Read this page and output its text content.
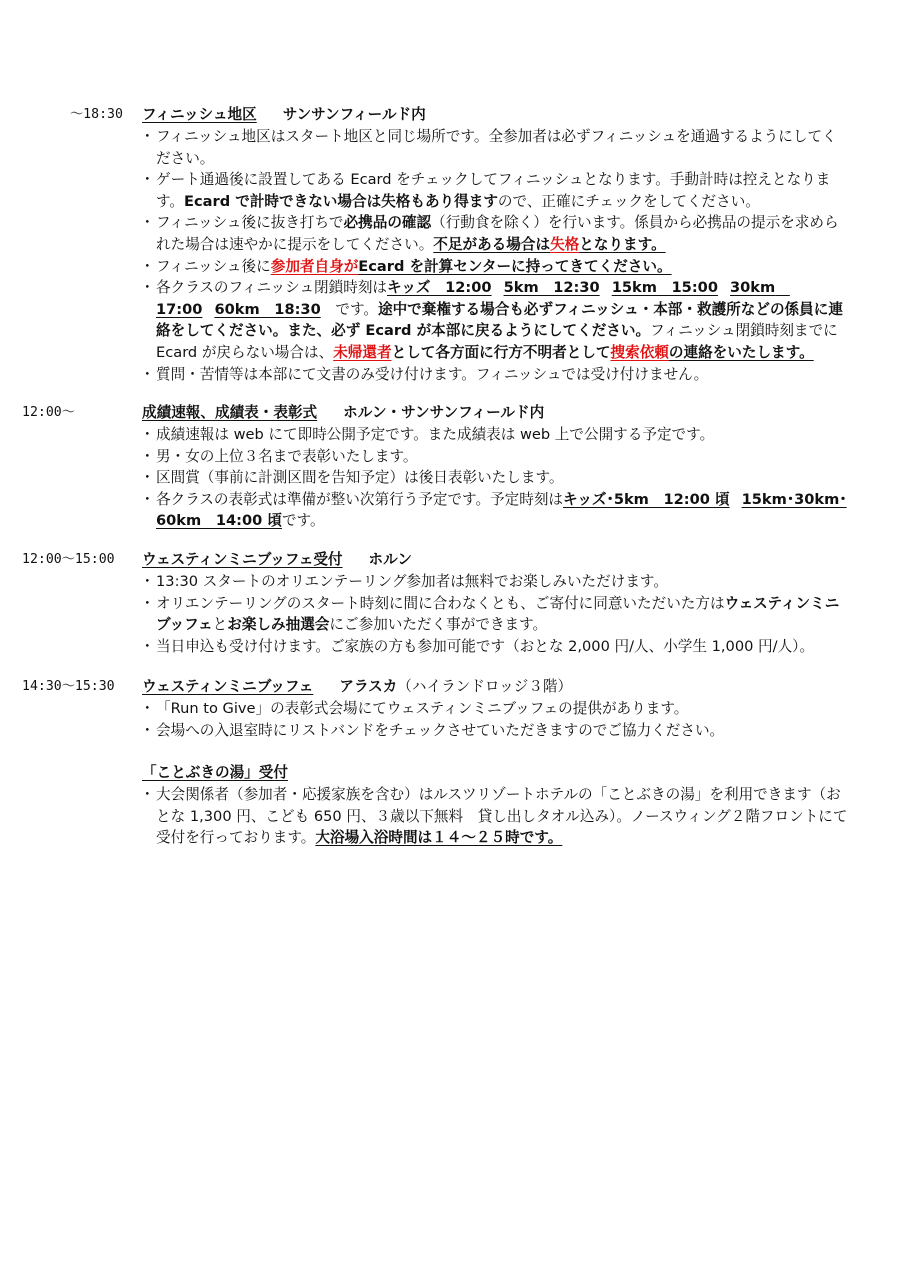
～18:30	フィニッシュ地区 サンサンフィールド内
・ フィニッシュ地区はスタート地区と同じ場所です。全参加者は必ずフィニッシュを通過するようにしてください。
・ ゲート通過後に設置してある Ecard をチェックしてフィニッシュとなります。手動計時は控えとなります。Ecard で計時できない場合は失格もあり得ますので、正確にチェックをしてください。
・ フィニッシュ後に抜き打ちで必携品の確認（行動食を除く）を行います。係員から必携品の提示を求められた場合は速やかに提示をしてください。不足がある場合は失格となります。
・ フィニッシュ後に参加者自身がEcard を計算センターに持ってきてください。
・ 各クラスのフィニッシュ閉鎖時刻はキッズ　12:00 5km　12:30 15km　15:00 30km　17:00 60km　18:30　です。途中で棄権する場合も必ずフィニッシュ・本部・救護所などの係員に連絡をしてください。また、必ず Ecard が本部に戻るようにしてください。フィニッシュ閉鎖時刻までに Ecard が戻らない場合は、未帰還者として各方面に行方不明者として捜索依頼の連絡をいたします。
・ 質問・苦情等は本部にて文書のみ受け付けます。フィニッシュでは受け付けません。
12:00～	成績速報、成績表・表彰式 ホルン・サンサンフィールド内
・ 成績速報は web にて即時公開予定です。また成績表は web 上で公開する予定です。
・ 男・女の上位３名まで表彰いたします。
・ 区間賞（事前に計測区間を告知予定）は後日表彰いたします。
・ 各クラスの表彰式は準備が整い次第行う予定です。予定時刻はキッズ･5km　12:00 頃 15km･30km･60km　14:00 頃です。
12:00～15:00	ウェスティンミニブッフェ受付 ホルン
・ 13:30 スタートのオリエンテーリング参加者は無料でお楽しみいただけます。
・ オリエンテーリングのスタート時刻に間に合わなくとも、ご寄付に同意いただいた方はウェスティンミニブッフェとお楽しみ抽選会にご参加いただく事ができます。
・ 当日申込も受け付けます。ご家族の方も参加可能です（おとな 2,000 円/人、小学生 1,000 円/人）。
14:30～15:30	ウェスティンミニブッフェ アラスカ（ハイランドロッジ３階）
・ 「Run to Give」の表彰式会場にてウェスティンミニブッフェの提供があります。
・ 会場への入退室時にリストバンドをチェックさせていただきますのでご協力ください。
「ことぶきの湯」受付
・ 大会関係者（参加者・応援家族を含む）はルスツリゾートホテルの「ことぶきの湯」を利用できます（おとな 1,300 円、こども 650 円、３歳以下無料　貸し出しタオル込み）。ノースウィング２階フロントにて受付を行っております。大浴場入浴時間は１４～２５時です。
